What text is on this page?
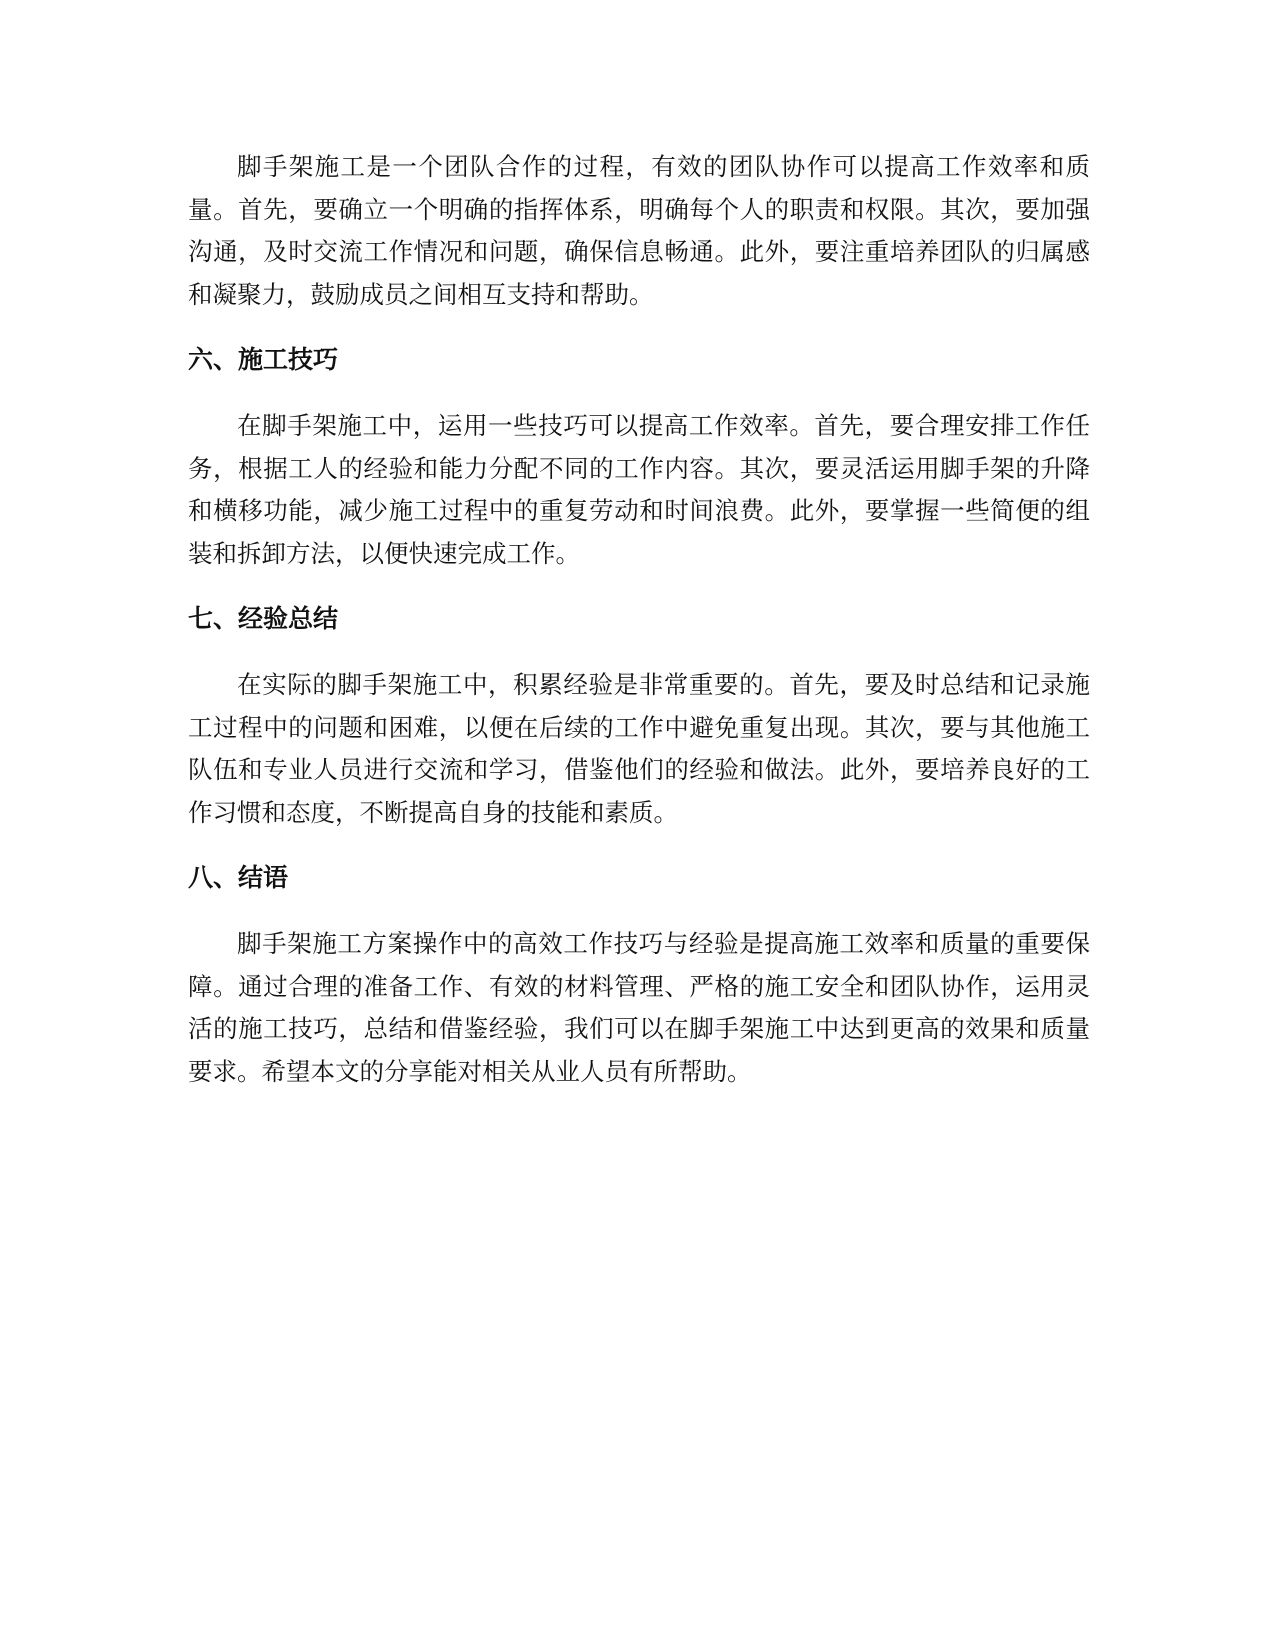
脚手架施工是一个团队合作的过程，有效的团队协作可以提高工作效率和质量。首先，要确立一个明确的指挥体系，明确每个人的职责和权限。其次，要加强沟通，及时交流工作情况和问题，确保信息畅通。此外，要注重培养团队的归属感和凝聚力，鼓励成员之间相互支持和帮助。

六、施工技巧

在脚手架施工中，运用一些技巧可以提高工作效率。首先，要合理安排工作任务，根据工人的经验和能力分配不同的工作内容。其次，要灵活运用脚手架的升降和横移功能，减少施工过程中的重复劳动和时间浪费。此外，要掌握一些简便的组装和拆卸方法，以便快速完成工作。

七、经验总结

在实际的脚手架施工中，积累经验是非常重要的。首先，要及时总结和记录施工过程中的问题和困难，以便在后续的工作中避免重复出现。其次，要与其他施工队伍和专业人员进行交流和学习，借鉴他们的经验和做法。此外，要培养良好的工作习惯和态度，不断提高自身的技能和素质。

八、结语

脚手架施工方案操作中的高效工作技巧与经验是提高施工效率和质量的重要保障。通过合理的准备工作、有效的材料管理、严格的施工安全和团队协作，运用灵活的施工技巧，总结和借鉴经验，我们可以在脚手架施工中达到更高的效果和质量要求。希望本文的分享能对相关从业人员有所帮助。
